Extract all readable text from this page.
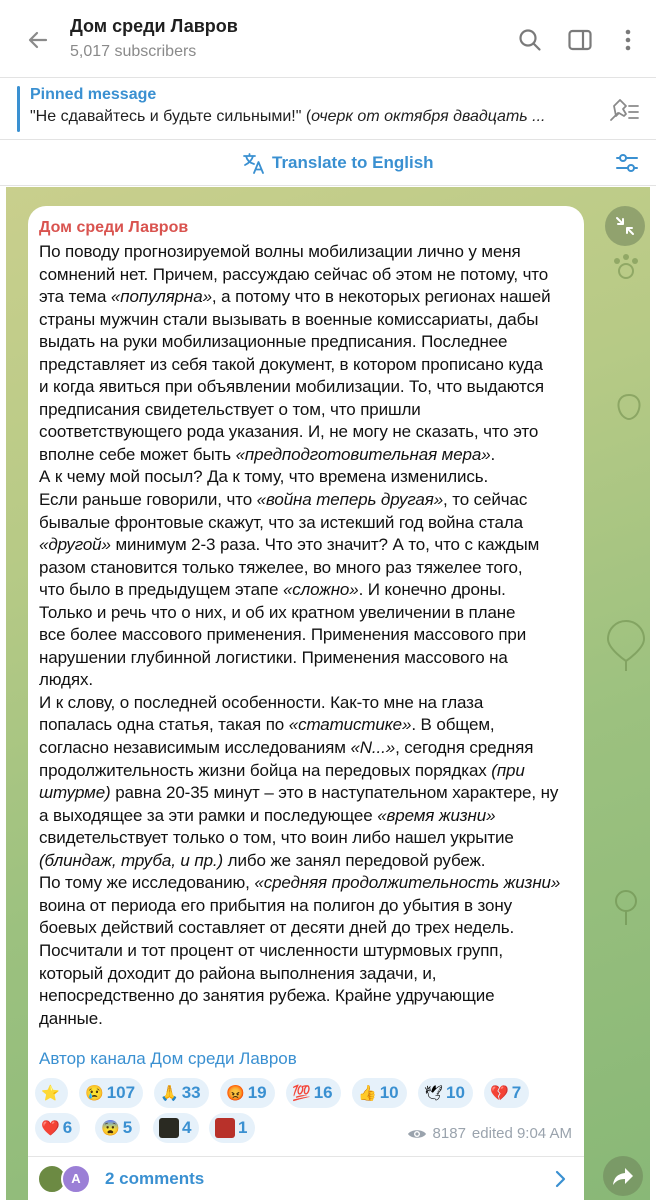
Дом среди Лавров
5,017 subscribers
Pinned message
"Не сдавайтесь и будьте сильными!" (очерк от октября двадцать ...
Translate to English
Дом среди Лавров
По поводу прогнозируемой волны мобилизации лично у меня
сомнений нет. Причем, рассуждаю сейчас об этом не потому, что
эта тема «популярна», а потому что в некоторых регионах нашей
страны мужчин стали вызывать в военные комиссариаты, дабы
выдать на руки мобилизационные предписания. Последнее
представляет из себя такой документ, в котором прописано куда
и когда явиться при объявлении мобилизации. То, что выдаются
предписания свидетельствует о том, что пришли
соответствующего рода указания. И, не могу не сказать, что это
вполне себе может быть «предподготовительная мера».
А к чему мой посыл? Да к тому, что времена изменились.
Если раньше говорили, что «война теперь другая», то сейчас
бывалые фронтовые скажут, что за истекший год война стала
«другой» минимум 2-3 раза. Что это значит? А то, что с каждым
разом становится только тяжелее, во много раз тяжелее того,
что было в предыдущем этапе «сложно». И конечно дроны.
Только и речь что о них, и об их кратном увеличении в плане
все более массового применения. Применения массового при
нарушении глубинной логистики. Применения массового на
людях.
И к слову, о последней особенности. Как-то мне на глаза
попалась одна статья, такая по «статистике». В общем,
согласно независимым исследованиям «N...», сегодня средняя
продолжительность жизни бойца на передовых порядках (при
штурме) равна 20-35 минут – это в наступательном характере, ну
а выходящее за эти рамки и последующее «время жизни»
свидетельствует только о том, что воин либо нашел укрытие
(блиндаж, труба, и пр.) либо же занял передовой рубеж.
По тому же исследованию, «средняя продолжительность жизни»
воина от периода его прибытия на полигон до убытия в зону
боевых действий составляет от десяти дней до трех недель.
Посчитали и тот процент от численности штурмовых групп,
который доходит до района выполнения задачи, и,
непосредственно до занятия рубежа. Крайне удручающие
данные.
Автор канала Дом среди Лавров
⭐ 😢 107 🙏 33 😡 19 💯 16 👍 10 🕊 10 💔 7
❤️ 6 😨 5	4	1	8187 edited 9:04 AM
A	2 comments
